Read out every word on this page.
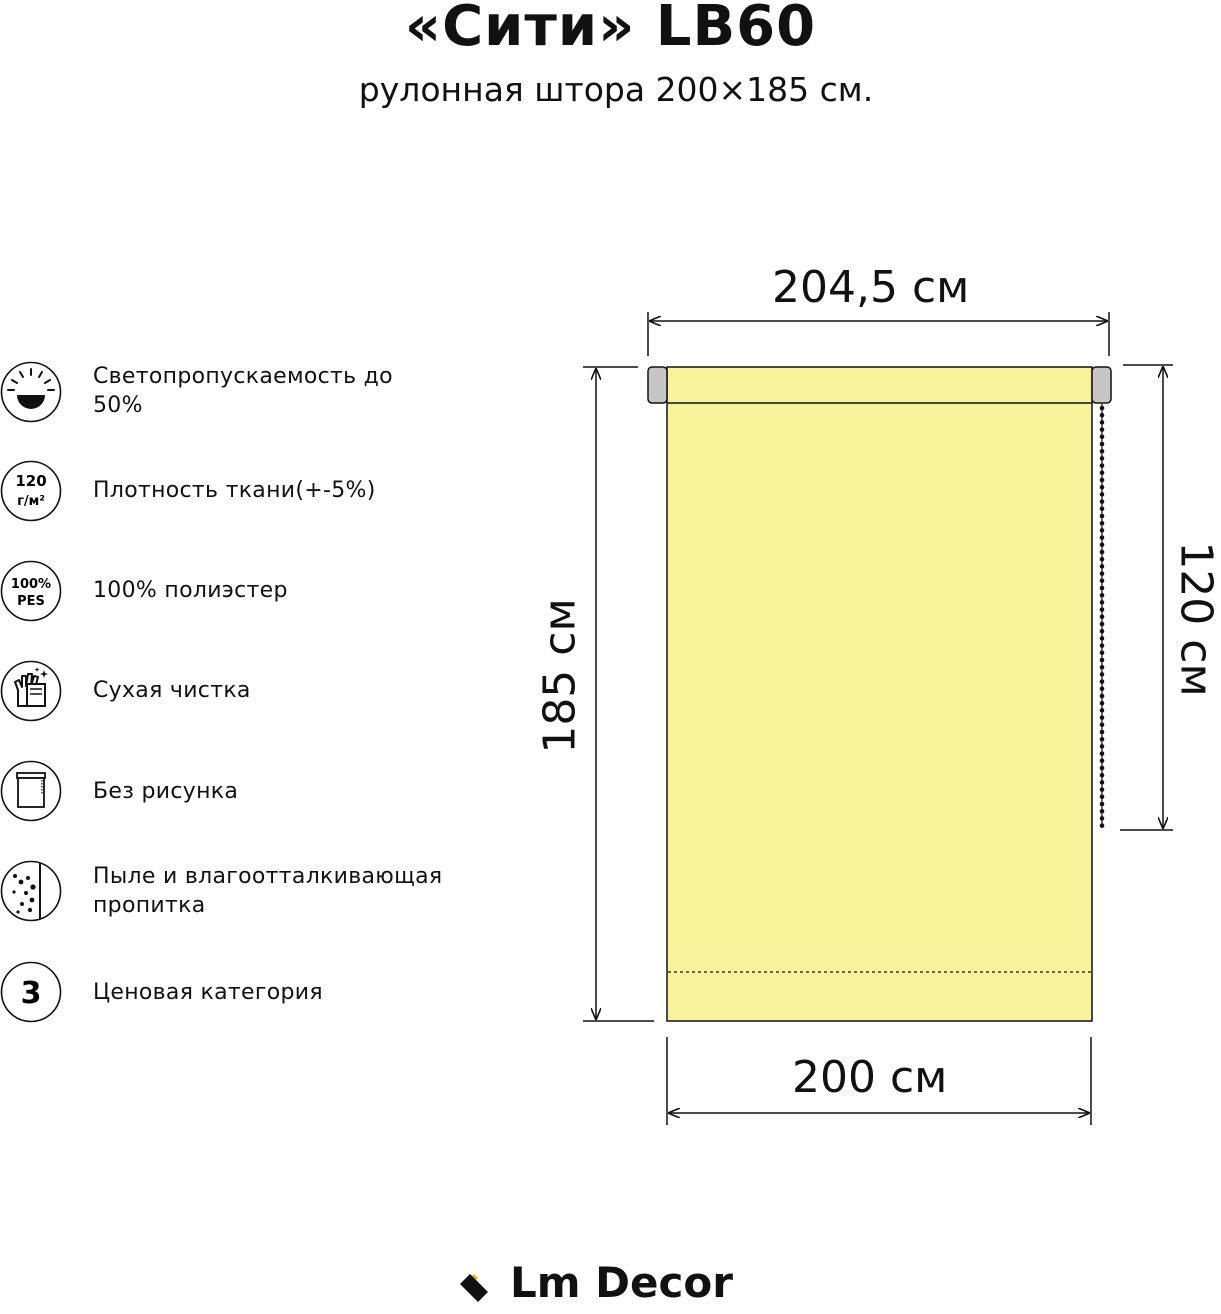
«Сити» LB60
рулонная штора 200×185 см.
Светопропускаемость до 50%
120
г/м² Плотность ткани(+-5%)
100%
PES 100% полиэстер
Сухая чистка
Без рисунка
Пыле и влагоотталкивающая пропитка
3 Ценовая категория
204,5 см
200 см
185 см	120 см
Lm Decor
